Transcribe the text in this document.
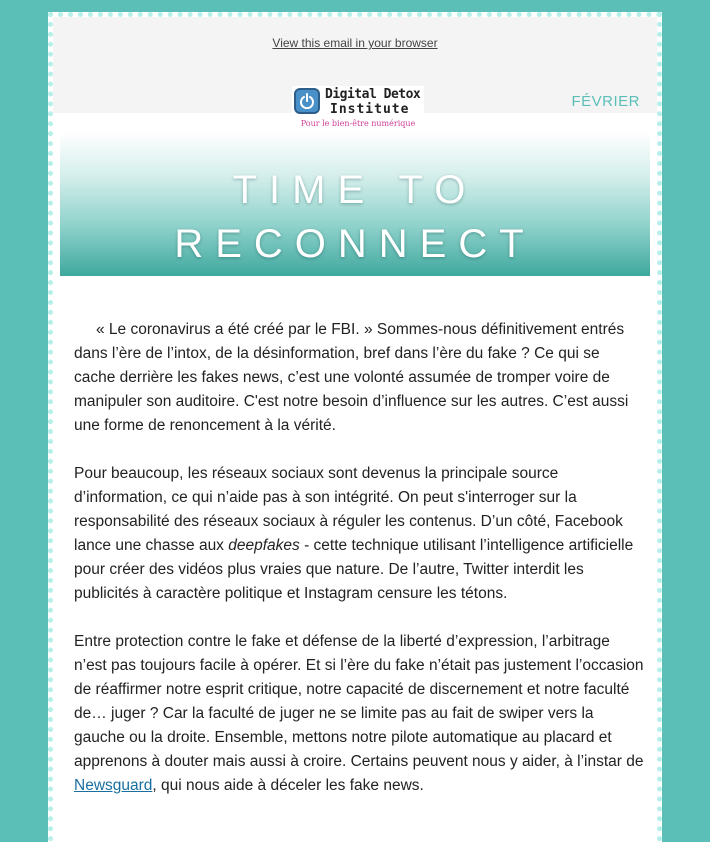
View this email in your browser
Digital Detox
Institute
Pour le bien-être numérique
FÉVRIER
TIME TO
RECONNECT

« Le coronavirus a été créé par le FBI. » Sommes-nous définitivement entrés dans l’ère de l’intox, de la désinformation, bref dans l’ère du fake ? Ce qui se cache derrière les fakes news, c’est une volonté assumée de tromper voire de manipuler son auditoire. C'est notre besoin d’influence sur les autres. C’est aussi une forme de renoncement à la vérité.

Pour beaucoup, les réseaux sociaux sont devenus la principale source d’information, ce qui n’aide pas à son intégrité. On peut s'interroger sur la responsabilité des réseaux sociaux à réguler les contenus. D’un côté, Facebook lance une chasse aux deepfakes - cette technique utilisant l’intelligence artificielle pour créer des vidéos plus vraies que nature. De l’autre, Twitter interdit les publicités à caractère politique et Instagram censure les tétons.

Entre protection contre le fake et défense de la liberté d’expression, l’arbitrage n’est pas toujours facile à opérer. Et si l’ère du fake n’était pas justement l’occasion de réaffirmer notre esprit critique, notre capacité de discernement et notre faculté de… juger ? Car la faculté de juger ne se limite pas au fait de swiper vers la gauche ou la droite. Ensemble, mettons notre pilote automatique au placard et apprenons à douter mais aussi à croire. Certains peuvent nous y aider, à l’instar de Newsguard, qui nous aide à déceler les fake news.
